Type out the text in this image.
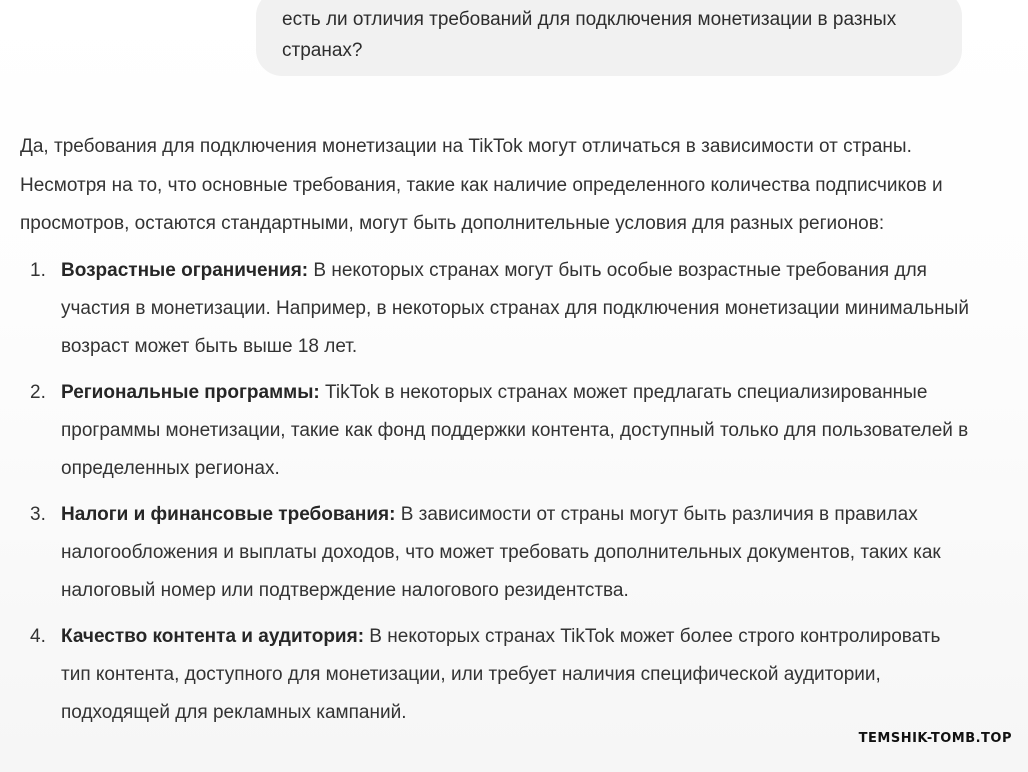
есть ли отличия требований для подключения монетизации в разных странах?

Да, требования для подключения монетизации на TikTok могут отличаться в зависимости от страны. Несмотря на то, что основные требования, такие как наличие определенного количества подписчиков и просмотров, остаются стандартными, могут быть дополнительные условия для разных регионов:

1. Возрастные ограничения: В некоторых странах могут быть особые возрастные требования для участия в монетизации. Например, в некоторых странах для подключения монетизации минимальный возраст может быть выше 18 лет.
2. Региональные программы: TikTok в некоторых странах может предлагать специализированные программы монетизации, такие как фонд поддержки контента, доступный только для пользователей в определенных регионах.
3. Налоги и финансовые требования: В зависимости от страны могут быть различия в правилах налогообложения и выплаты доходов, что может требовать дополнительных документов, таких как налоговый номер или подтверждение налогового резидентства.
4. Качество контента и аудитория: В некоторых странах TikTok может более строго контролировать тип контента, доступного для монетизации, или требует наличия специфической аудитории, подходящей для рекламных кампаний.
TEMSHIK-TOMB.TOP
